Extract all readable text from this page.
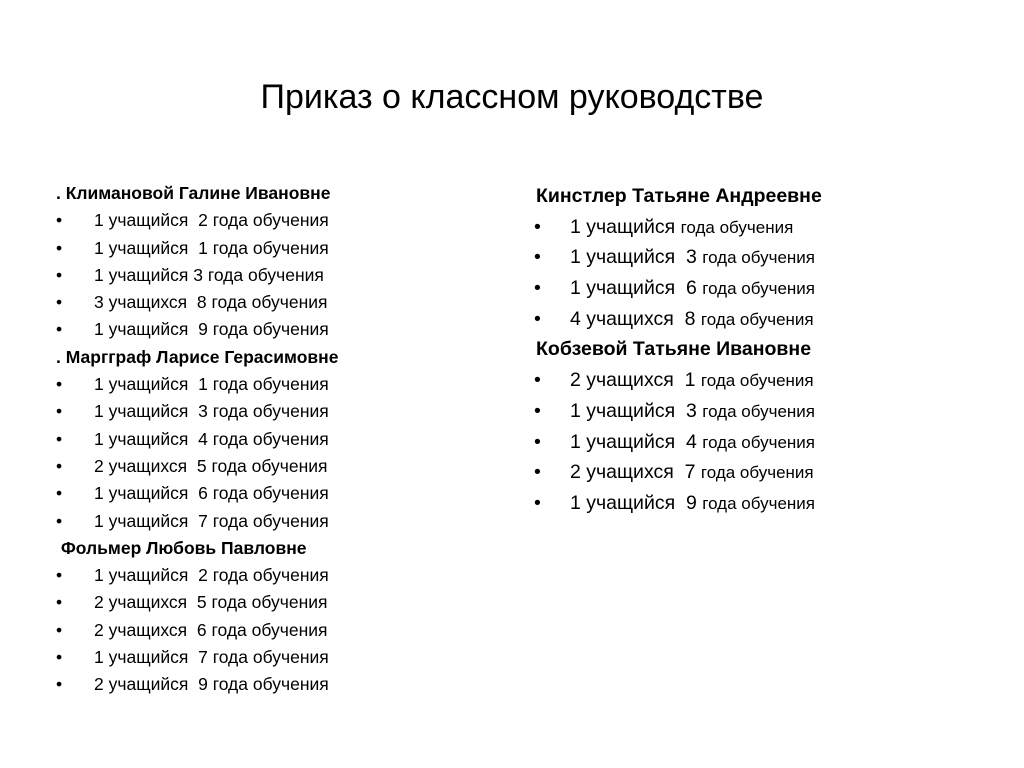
Приказ о классном руководстве
. Климановой Галине Ивановне
• 1 учащийся  2 года обучения
• 1 учащийся  1 года обучения
• 1 учащийся 3 года обучения
• 3 учащихся  8 года обучения
• 1 учащийся  9 года обучения
. Маргграф Ларисе Герасимовне
• 1 учащийся  1 года обучения
• 1 учащийся  3 года обучения
• 1 учащийся  4 года обучения
• 2 учащихся  5 года обучения
• 1 учащийся  6 года обучения
• 1 учащийся  7 года обучения
Фольмер Любовь Павловне
• 1 учащийся  2 года обучения
• 2 учащихся  5 года обучения
• 2 учащихся  6 года обучения
• 1 учащийся  7 года обучения
• 2 учащийся  9 года обучения
Кинстлер Татьяне Андреевне
• 1 учащийся года обучения
• 1 учащийся  3 года обучения
• 1 учащийся  6 года обучения
• 4 учащихся  8 года обучения
Кобзевой Татьяне Ивановне
• 2 учащихся  1 года обучения
• 1 учащийся  3 года обучения
• 1 учащийся  4 года обучения
• 2 учащихся  7 года обучения
• 1 учащийся  9 года обучения
